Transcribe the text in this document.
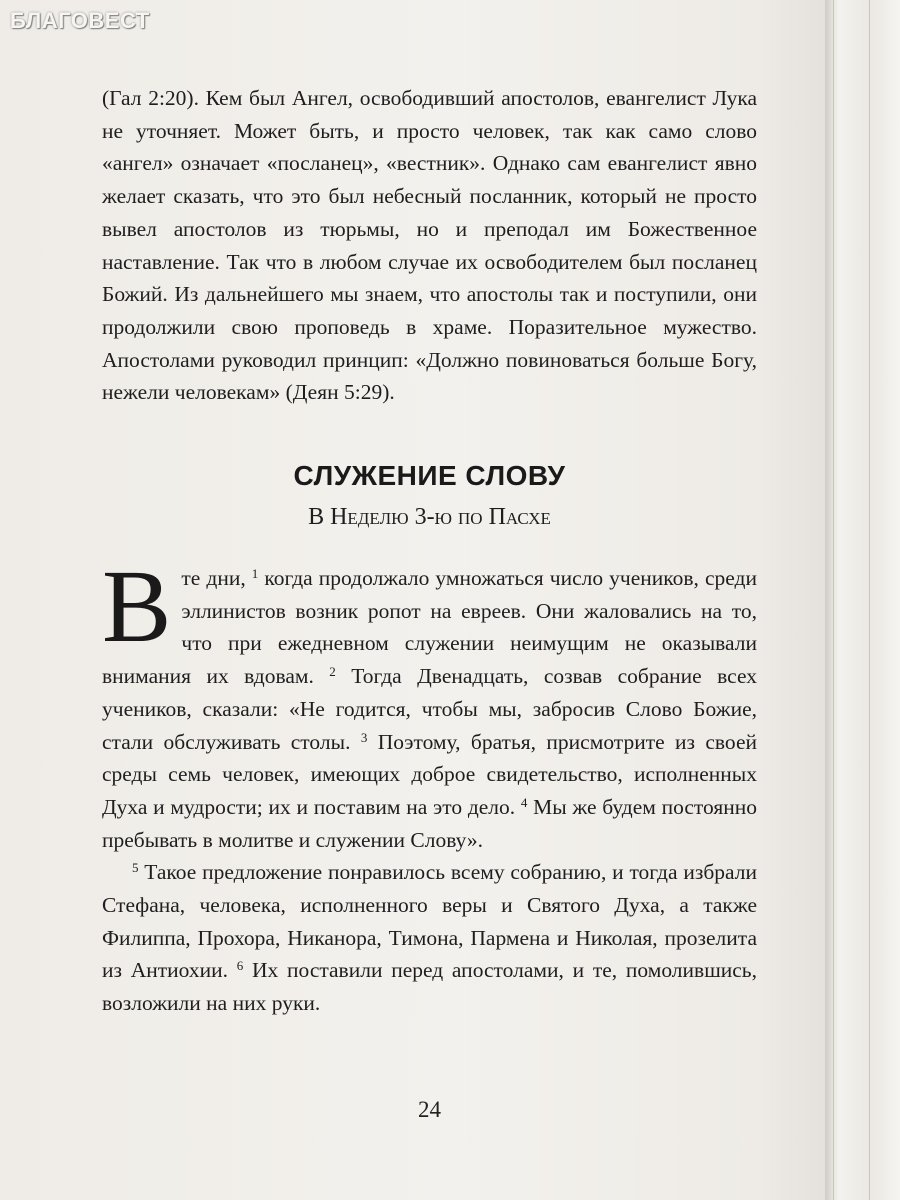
(Гал 2:20). Кем был Ангел, освободивший апостолов, евангелист Лука не уточняет. Может быть, и просто человек, так как само слово «ангел» означает «посланец», «вестник». Однако сам евангелист явно желает сказать, что это был небесный посланник, который не просто вывел апостолов из тюрьмы, но и преподал им Божественное наставление. Так что в любом случае их освободителем был посланец Божий. Из дальнейшего мы знаем, что апостолы так и поступили, они продолжили свою проповедь в храме. Поразительное мужество. Апостолами руководил принцип: «Должно повиноваться больше Богу, нежели человекам» (Деян 5:29).

СЛУЖЕНИЕ СЛОВУ
В Неделю 3-ю по Пасхе

Вте дни, $^1$ когда продолжало умножаться число учеников, среди эллинистов возник ропот на евреев. Они жаловались на то, что при ежедневном служении неимущим не оказывали внимания их вдовам. $^2$ Тогда Двенадцать, созвав собрание всех учеников, сказали: «Не годится, чтобы мы, забросив Слово Божие, стали обслуживать столы. $^3$ Поэтому, братья, присмотрите из своей среды семь человек, имеющих доброе свидетельство, исполненных Духа и мудрости; их и поставим на это дело. $^4$ Мы же будем постоянно пребывать в молитве и служении Слову».

$^5$ Такое предложение понравилось всему собранию, и тогда избрали Стефана, человека, исполненного веры и Святого Духа, а также Филиппа, Прохора, Никанора, Тимона, Пармена и Николая, прозелита из Антиохии. $^6$ Их поставили перед апостолами, и те, помолившись, возложили на них руки.

24
БЛАГОВЕСТ
